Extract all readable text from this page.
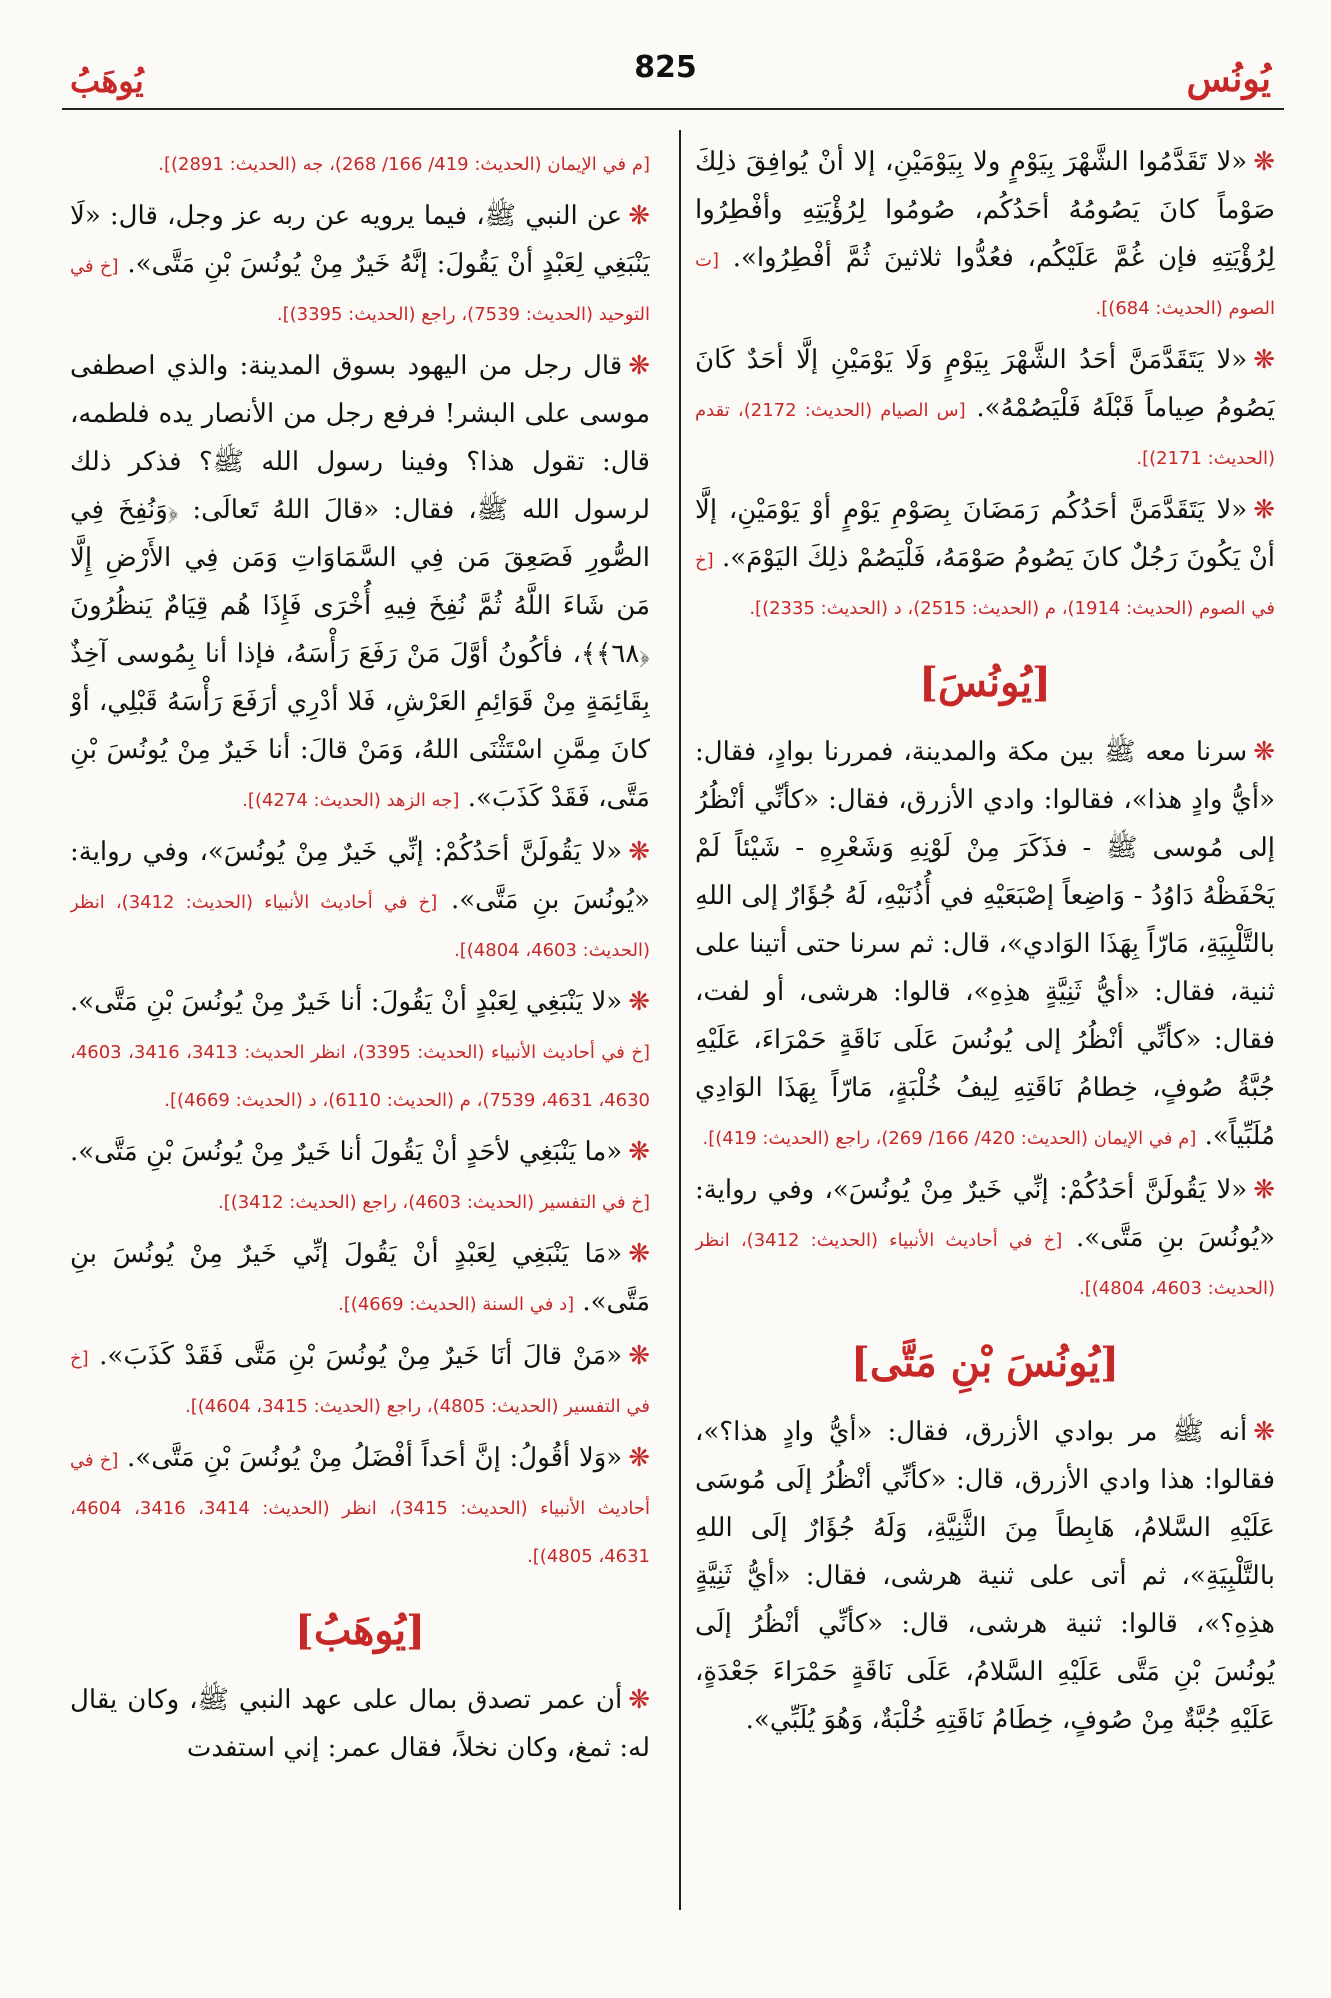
يُونُس
825
يُوهَبُ
❋«لا تَقَدَّمُوا الشَّهْرَ بِيَوْمٍ ولا بِيَوْمَيْنِ، إلا أنْ يُوافِقَ ذلِكَ صَوْماً كانَ يَصُومُهُ أحَدُكُم، صُومُوا لِرُؤْيَتِهِ وأفْطِرُوا لِرُؤْيَتِهِ فإن غُمَّ عَلَيْكُم، فعُدُّوا ثلاثينَ ثُمَّ أفْطِرُوا». [ت الصوم (الحديث: 684)].
❋«لا يَتَقَدَّمَنَّ أحَدُ الشَّهْرَ بِيَوْمٍ وَلَا يَوْمَيْنِ إلَّا أحَدٌ كَانَ يَصُومُ صِياماً قَبْلَهُ فَلْيَصُمْهُ». [س الصيام (الحديث: 2172)، تقدم (الحديث: 2171)].
❋«لا يَتَقَدَّمَنَّ أحَدُكُم رَمَضَانَ بِصَوْمِ يَوْمٍ أوْ يَوْمَيْنِ، إلَّا أنْ يَكُونَ رَجُلٌ كانَ يَصُومُ صَوْمَهُ، فَلْيَصُمْ ذلِكَ اليَوْمَ». [خ في الصوم (الحديث: 1914)، م (الحديث: 2515)، د (الحديث: 2335)].
[يُونُسَ]
❋سرنا معه ﷺ بين مكة والمدينة، فمررنا بوادٍ، فقال: «أيُّ وادٍ هذا»، فقالوا: وادي الأزرق، فقال: «كأنِّي أنْظُرُ إلى مُوسى ﷺ - فذَكَرَ مِنْ لَوْنِهِ وَشَعْرِهِ - شَيْئاً لَمْ يَحْفَظْهُ دَاوُدُ - وَاضِعاً إصْبَعَيْهِ في أُذُنَيْهِ، لَهُ جُؤَارٌ إلى اللهِ بالتَّلْبِيَةِ، مَارّاً بِهَذَا الوَادي»، قال: ثم سرنا حتى أتينا على ثنية، فقال: «أيُّ ثَنِيَّةٍ هذِهِ»، قالوا: هرشى، أو لفت، فقال: «كأنِّي أنْظُرُ إلى يُونُسَ عَلَى نَاقَةٍ حَمْرَاءَ، عَلَيْهِ جُبَّةُ صُوفٍ، خِطامُ نَاقَتِهِ لِيفُ خُلْبَةٍ، مَارّاً بِهَذَا الوَادِي مُلَبِّياً». [م في الإيمان (الحديث: 420/ 166/ 269)، راجع (الحديث: 419)].
❋«لا يَقُولَنَّ أحَدُكُمْ: إنِّي خَيرٌ مِنْ يُونُسَ»، وفي رواية: «يُونُسَ بنِ مَتَّى». [خ في أحاديث الأنبياء (الحديث: 3412)، انظر (الحديث: 4603، 4804)].
[يُونُسَ بْنِ مَتَّى]
❋أنه ﷺ مر بوادي الأزرق، فقال: «أيُّ وادٍ هذا؟»، فقالوا: هذا وادي الأزرق، قال: «كأنِّي أنْظُرُ إلَى مُوسَى عَلَيْهِ السَّلامُ، هَابِطاً مِنَ الثَّنِيَّةِ، وَلَهُ جُؤَارٌ إلَى اللهِ بالتَّلْبِيَةِ»، ثم أتى على ثنية هرشى، فقال: «أيُّ ثَنِيَّةٍ هذِهِ؟»، قالوا: ثنية هرشى، قال: «كأنِّي أنْظُرُ إلَى يُونُسَ بْنِ مَتَّى عَلَيْهِ السَّلامُ، عَلَى نَاقَةٍ حَمْرَاءَ جَعْدَةٍ، عَلَيْهِ جُبَّةٌ مِنْ صُوفٍ، خِطَامُ نَاقَتِهِ خُلْبَةٌ، وَهُوَ يُلَبِّي».
[م في الإيمان (الحديث: 419/ 166/ 268)، جه (الحديث: 2891)].
❋عن النبي ﷺ، فيما يرويه عن ربه عز وجل، قال: «لَا يَنْبَغِي لِعَبْدٍ أنْ يَقُولَ: إنَّهُ خَيرٌ مِنْ يُونُسَ بْنِ مَتَّى». [خ في التوحيد (الحديث: 7539)، راجع (الحديث: 3395)].
❋قال رجل من اليهود بسوق المدينة: والذي اصطفى موسى على البشر! فرفع رجل من الأنصار يده فلطمه، قال: تقول هذا؟ وفينا رسول الله ﷺ؟ فذكر ذلك لرسول الله ﷺ، فقال: «قالَ اللهُ تَعالَى: ﴿وَنُفِخَ فِي الصُّورِ فَصَعِقَ مَن فِي السَّمَاوَاتِ وَمَن فِي الأَرْضِ إِلَّا مَن شَاءَ اللَّهُ ثُمَّ نُفِخَ فِيهِ أُخْرَى فَإِذَا هُم قِيَامٌ يَنظُرُونَ ﴿٦٨﴾﴾، فأكُونُ أوَّلَ مَنْ رَفَعَ رَأْسَهُ، فإذا أنا بِمُوسى آخِذٌ بِقَائِمَةٍ مِنْ قَوَائِمِ العَرْشِ، فَلا أدْرِي أرَفَعَ رَأْسَهُ قَبْلِي، أوْ كانَ مِمَّنِ اسْتَثْنَى اللهُ، وَمَنْ قالَ: أنا خَيرٌ مِنْ يُونُسَ بْنِ مَتَّى، فَقَدْ كَذَبَ». [جه الزهد (الحديث: 4274)].
❋«لا يَقُولَنَّ أحَدُكُمْ: إنِّي خَيرٌ مِنْ يُونُسَ»، وفي رواية: «يُونُسَ بنِ مَتَّى». [خ في أحاديث الأنبياء (الحديث: 3412)، انظر (الحديث: 4603، 4804)].
❋«لا يَنْبَغِي لِعَبْدٍ أنْ يَقُولَ: أنا خَيرٌ مِنْ يُونُسَ بْنِ مَتَّى». [خ في أحاديث الأنبياء (الحديث: 3395)، انظر الحديث: 3413، 3416، 4603، 4630، 4631، 7539)، م (الحديث: 6110)، د (الحديث: 4669)].
❋«ما يَنْبَغِي لأحَدٍ أنْ يَقُولَ أنا خَيرٌ مِنْ يُونُسَ بْنِ مَتَّى». [خ في التفسير (الحديث: 4603)، راجع (الحديث: 3412)].
❋«مَا يَنْبَغِي لِعَبْدٍ أنْ يَقُولَ إنِّي خَيرٌ مِنْ يُونُسَ بنِ مَتَّى». [د في السنة (الحديث: 4669)].
❋«مَنْ قالَ أنَا خَيرٌ مِنْ يُونُسَ بْنِ مَتَّى فَقَدْ كَذَبَ». [خ في التفسير (الحديث: 4805)، راجع (الحديث: 3415، 4604)].
❋«وَلا أقُولُ: إنَّ أحَداً أفْضَلُ مِنْ يُونُسَ بْنِ مَتَّى». [خ في أحاديث الأنبياء (الحديث: 3415)، انظر (الحديث: 3414، 3416، 4604، 4631، 4805)].
[يُوهَبُ]
❋أن عمر تصدق بمال على عهد النبي ﷺ، وكان يقال له: ثمغ، وكان نخلاً، فقال عمر: إني استفدت
